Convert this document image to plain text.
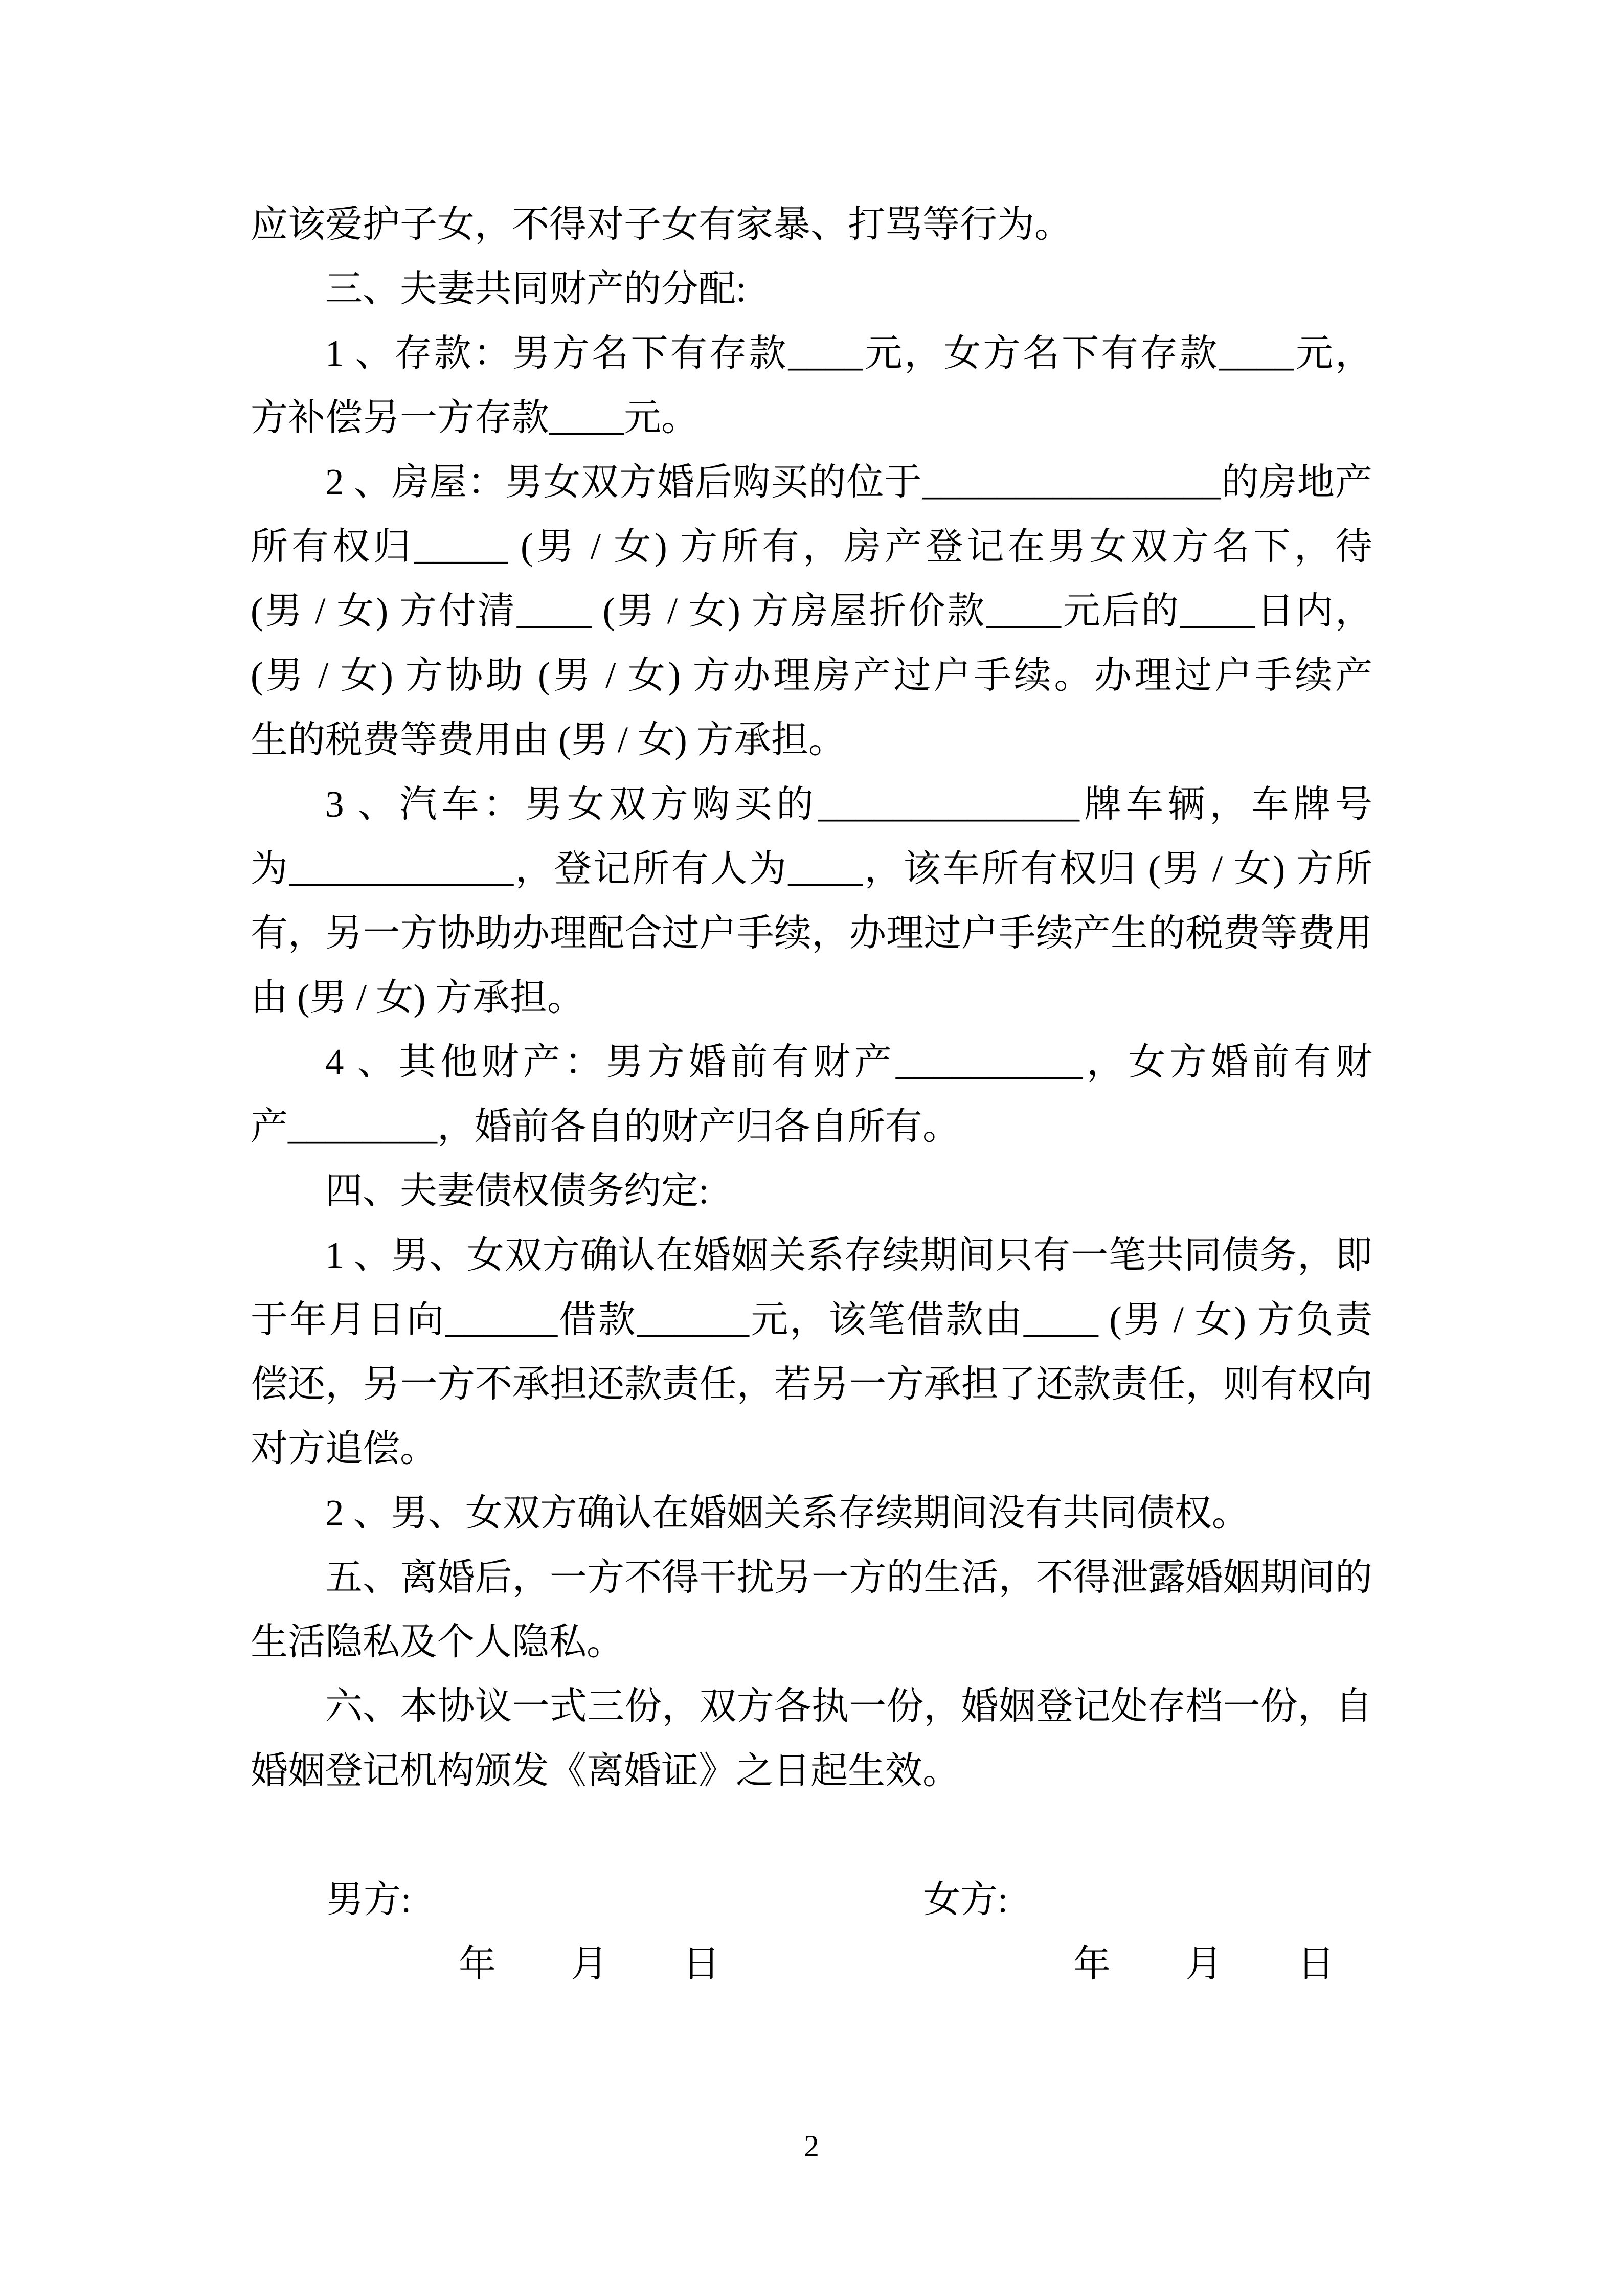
应该爱护子女，不得对子女有家暴、打骂等行为。
三、夫妻共同财产的分配:
1 、存款：男方名下有存款____元，女方名下有存款____元，
方补偿另一方存款____元。
2 、房屋：男女双方婚后购买的位于________________的房地产
所有权归_____ (男 / 女) 方所有，房产登记在男女双方名下，待
(男 / 女) 方付清____ (男 / 女) 方房屋折价款____元后的____日内，
(男 / 女) 方协助 (男 / 女) 方办理房产过户手续。办理过户手续产
生的税费等费用由 (男 / 女) 方承担。
3 、汽车：男女双方购买的______________牌车辆，车牌号
为____________，登记所有人为____，该车所有权归 (男 / 女) 方所
有，另一方协助办理配合过户手续，办理过户手续产生的税费等费用
由 (男 / 女) 方承担。
4 、其他财产：男方婚前有财产__________，女方婚前有财
产________，婚前各自的财产归各自所有。
四、夫妻债权债务约定:
1 、男、女双方确认在婚姻关系存续期间只有一笔共同债务，即
于年月日向______借款______元，该笔借款由____ (男 / 女) 方负责
偿还，另一方不承担还款责任，若另一方承担了还款责任，则有权向
对方追偿。
2 、男、女双方确认在婚姻关系存续期间没有共同债权。
五、离婚后，一方不得干扰另一方的生活，不得泄露婚姻期间的
生活隐私及个人隐私。
六、本协议一式三份，双方各执一份，婚姻登记处存档一份，自
婚姻登记机构颁发《离婚证》之日起生效。
男方:	女方:
年　　月　　日	年　　月　　日
2
